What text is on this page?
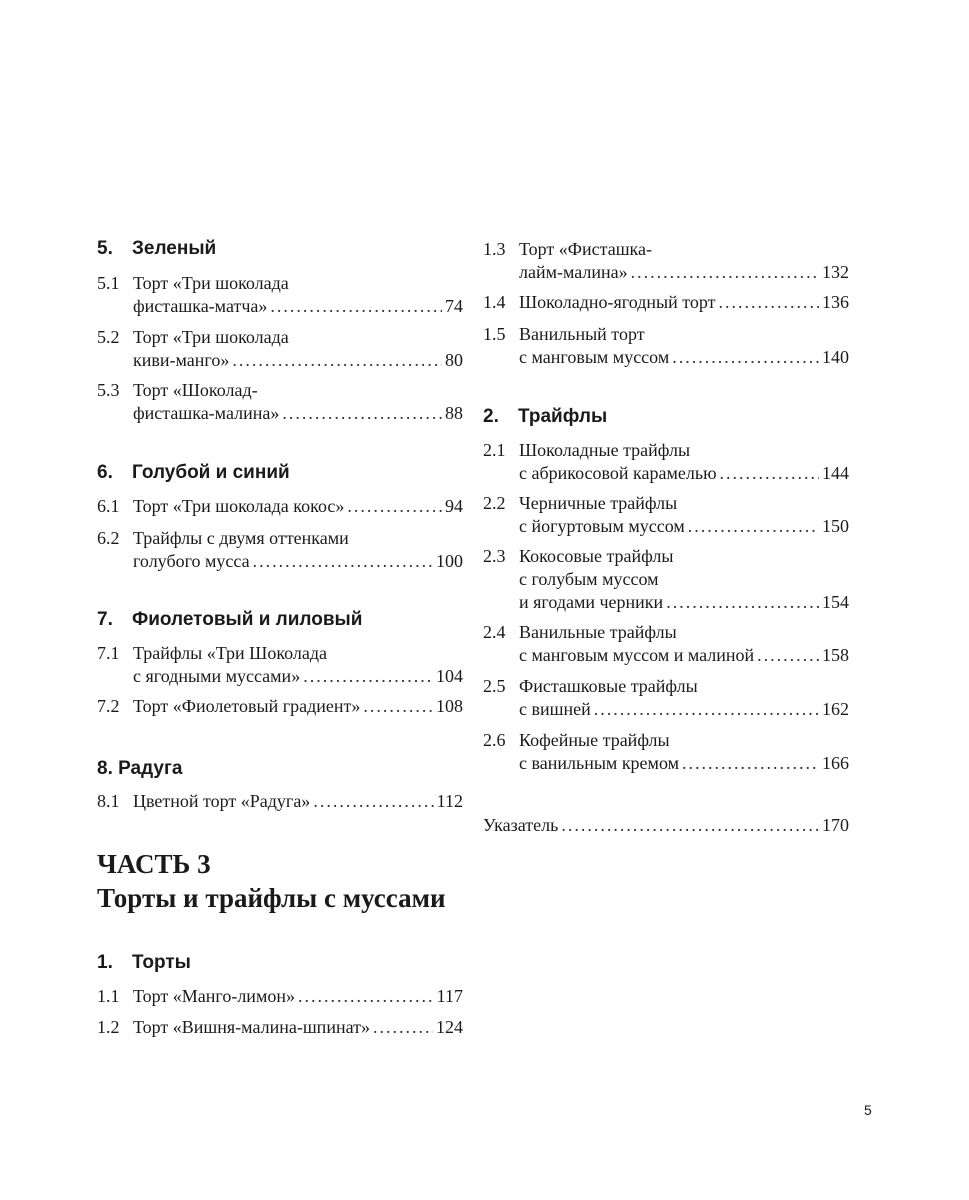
5. Зеленый
5.1 Торт «Три шоколада
фисташка-матча» .....	74
5.2 Торт «Три шоколада
киви-манго» .....	80
5.3 Торт «Шоколад-
фисташка-малина» .....	88
6. Голубой и синий
6.1 Торт «Три шоколада кокос» .....	94
6.2 Трайфлы с двумя оттенками
голубого мусса .....	100
7. Фиолетовый и лиловый
7.1 Трайфлы «Три Шоколада
с ягодными муссами» .....	104
7.2 Торт «Фиолетовый градиент» .....	108
8. Радуга
8.1 Цветной торт «Радуга» .....	112
1. Торты
1.1 Торт «Манго-лимон» .....	117
1.2 Торт «Вишня-малина-шпинат» .....	124
ЧАСТЬ 3
Торты и трайфлы с муссами
1.3 Торт «Фисташка-
лайм-малина» .....	132
1.4 Шоколадно-ягодный торт .....	136
1.5 Ванильный торт
с манговым муссом .....	140
2. Трайфлы
2.1 Шоколадные трайфлы
с абрикосовой карамелью .....	144
2.2 Черничные трайфлы
с йогуртовым муссом .....	150
2.3 Кокосовые трайфлы
с голубым муссом
и ягодами черники .....	154
2.4 Ванильные трайфлы
с манговым муссом и малиной .....	158
2.5 Фисташковые трайфлы
с вишней .....	162
2.6 Кофейные трайфлы
с ванильным кремом .....	166
Указатель .....	170
5
